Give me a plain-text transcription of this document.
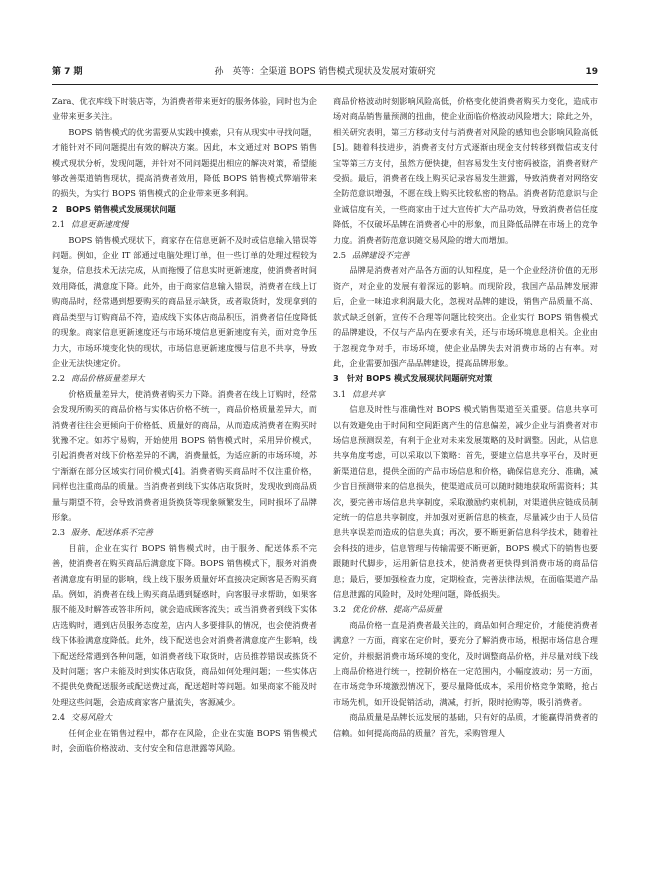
第 7 期	孙　英等：全渠道 BOPS 销售模式现状及发展对策研究	19

Zara、优衣库线下时装店等，为消费者带来更好的服务体验，同时也为企业带来更多关注。

BOPS 销售模式的优劣需要从实践中摸索，只有从现实中寻找问题，才能针对不同问题提出有效的解决方案。因此，本文通过对 BOPS 销售模式现状分析，发现问题，并针对不同问题提出相应的解决对策，希望能够改善渠道销售现状，提高消费者效用，降低 BOPS 销售模式弊端带来的损失，为实行 BOPS 销售模式的企业带来更多利润。

2　BOPS 销售模式发展现状问题
2.1 信息更新速度慢

BOPS 销售模式现状下，商家存在信息更新不及时或信息输入错误等问题。例如，企业 IT 部通过电脑处理订单，但一些订单的处理过程较为复杂，信息技术无法完成，从而拖慢了信息实时更新速度，使消费者时间效用降低，满意度下降。此外，由于商家信息输入错误，消费者在线上订购商品时，经常遇到想要购买的商品显示缺货，或者取货时，发现拿到的商品类型与订购商品不符，造成线下实体店商品积压，消费者信任度降低的现象。商家信息更新速度还与市场环境信息更新速度有关，面对竞争压力大，市场环境变化快的现状，市场信息更新速度慢与信息不共享，导致企业无法快速定价。

2.2 商品价格质量差异大

价格质量差异大，使消费者购买力下降。消费者在线上订购时，经常会发现所购买的商品价格与实体店价格不统一，商品价格质量差异大，而消费者往往会更倾向于价格低、质量好的商品，从而造成消费者在购买时犹豫不定。如苏宁易购，开始使用 BOPS 销售模式时，采用异价模式，引起消费者对线下价格差异的不满，消费量低，为适应新的市场环境，苏宁渐渐在部分区域实行同价模式[4]。消费者购买商品时不仅注重价格，同样也注重商品的质量。当消费者到线下实体店取货时，发现收到商品质量与期望不符，会导致消费者退货换货等现象频繁发生，同时损坏了品牌形象。

2.3 服务、配送体系不完善

目前，企业在实行 BOPS 销售模式时，由于服务、配送体系不完善，使消费者在购买商品后满意度下降。BOPS 销售模式下，服务对消费者满意度有明显的影响，线上线下服务质量好坏直接决定顾客是否购买商品。例如，消费者在线上购买商品遇到疑惑时，向客服寻求帮助，如果客服不能及时解答或答非所问，就会造成顾客流失；或当消费者到线下实体店选购时，遇到店员服务态度差，店内人多要排队的情况，也会使消费者线下体验满意度降低。此外，线下配送也会对消费者满意度产生影响，线下配送经常遇到各种问题，如消费者线下取货时，店员推荐错误或拣货不及时问题；客户未能及时到实体店取货，商品如何处理问题；一些实体店不提供免费配送服务或配送费过高，配送超时等问题。如果商家不能及时处理这些问题，会造成商家客户量流失，客源减少。

2.4 交易风险大

任何企业在销售过程中，都存在风险，企业在实施 BOPS 销售模式时，会面临价格波动、支付安全和信息泄露等风险。

商品价格波动时刻影响风险高低，价格变化使消费者购买力变化，造成市场对商品销售量预测的扭曲，使企业面临价格波动风险增大；除此之外，相关研究表明，第三方移动支付与消费者对风险的感知也会影响风险高低[5]。随着科技进步，消费者支付方式逐渐由现金支付转移到微信或支付宝等第三方支付，虽然方便快捷，但容易发生支付密码被盗，消费者财产受损。最后，消费者在线上购买记录容易发生泄露，导致消费者对网络安全防范意识增强，不愿在线上购买比较私密的物品。消费者防范意识与企业诚信度有关，一些商家由于过大宣传扩大产品功效，导致消费者信任度降低，不仅破坏品牌在消费者心中的形象，而且降低品牌在市场上的竞争力度。消费者防范意识随交易风险的增大而增加。

2.5 品牌建设不完善

品牌是消费者对产品各方面的认知程度，是一个企业经济价值的无形资产，对企业的发展有着深远的影响。而现阶段，我国产品品牌发展滞后，企业一味追求利润最大化，忽视对品牌的建设，销售产品质量不高、款式缺乏创新，宣传不合理等问题比较突出。企业实行 BOPS 销售模式的品牌建设，不仅与产品内在要求有关，还与市场环境息息相关。企业由于忽视竞争对手，市场环境，使企业品牌失去对消费市场的占有率。对此，企业需要加强产品品牌建设，提高品牌形象。

3　针对 BOPS 模式发展现状问题研究对策
3.1 信息共享

信息及时性与准确性对 BOPS 模式销售渠道至关重要。信息共享可以有效避免由于时间和空间距离产生的信息偏差，减少企业与消费者对市场信息预测误差，有利于企业对未来发展策略的及时调整。因此，从信息共享角度考虑，可以采取以下策略：首先，要建立信息共享平台，及时更新渠道信息，提供全面的产品市场信息和价格，确保信息充分、准确，减少盲目预测带来的信息损失，使渠道成员可以随时随地获取所需资料；其次，要完善市场信息共享制度，采取激励约束机制，对渠道供应链成员制定统一的信息共享制度，并加强对更新信息的核查，尽量减少由于人员信息共享误差而造成的信息失真；再次，要不断更新信息科学技术，随着社会科技的进步，信息管理与传输需要不断更新，BOPS 模式下的销售也要跟随时代脚步，运用新信息技术，使消费者更快得到消费市场的商品信息；最后，要加强检查力度，定期检查，完善法律法规，在面临渠道产品信息泄露的风险时，及时处理问题，降低损失。

3.2 优化价格、提高产品质量

商品价格一直是消费者最关注的，商品如何合理定价，才能使消费者满意？一方面，商家在定价时，要充分了解消费市场，根据市场信息合理定价，并根据消费市场环境的变化，及时调整商品价格，并尽量对线下线上商品价格进行统一，控制价格在一定范围内，小幅度波动；另一方面，在市场竞争环境激烈情况下，要尽量降低成本，采用价格竞争策略，抢占市场先机，如开设促销活动，满减，打折，限时抢购等，吸引消费者。

商品质量是品牌长远发展的基础，只有好的品质，才能赢得消费者的信赖。如何提高商品的质量？首先，采购管理人
